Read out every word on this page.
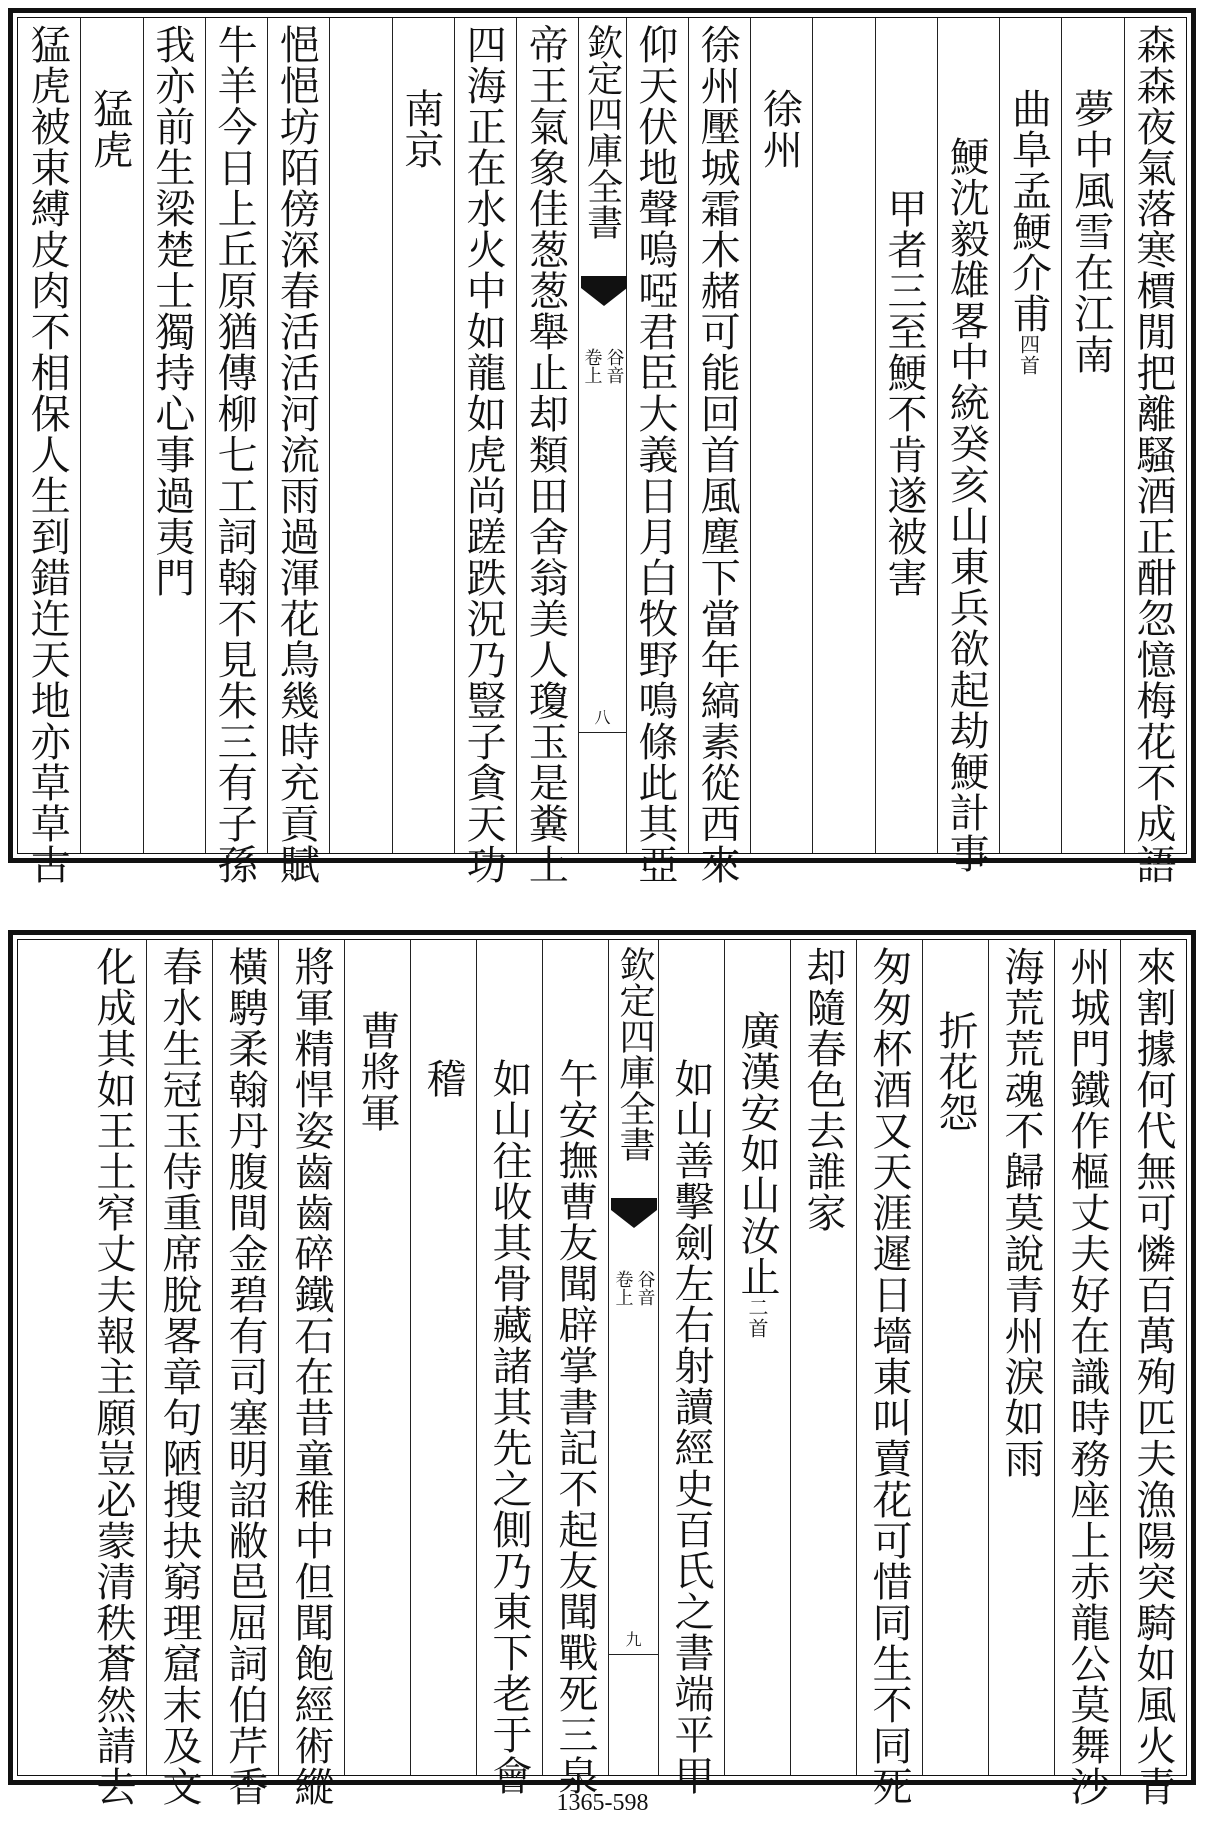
森森夜氣落寒檟閒把離騷酒正酣忽憶梅花不成語
夢中風雪在江南
曲阜孟鯁介甫四首
鯁沈毅雄畧中統癸亥山東兵欲起劫鯁計事
甲者三至鯁不肯遂被害
徐州
徐州壓城霜木赭可能回首風塵下當年縞素從西來
仰天伏地聲嗚啞君臣大義日月白牧野鳴條此其亞
欽定四庫全書
谷音
卷上
八
帝王氣象佳葱葱舉止却類田舍翁美人瓊玉是糞土
四海正在水火中如龍如虎尚蹉跌況乃豎子貪天功
南京
悒悒坊陌傍深春活活河流雨過渾花鳥幾時充貢賦
牛羊今日上丘原猶傳柳七工詞翰不見朱三有子孫
我亦前生梁楚士獨持心事過夷門
猛虎
猛虎被束縛皮肉不相保人生到錯迕天地亦草草古
來割據何代無可憐百萬殉匹夫漁陽突騎如風火青
州城門鐵作樞丈夫好在識時務座上赤龍公莫舞沙
海荒荒魂不歸莫說青州淚如雨
折花怨
匆匆杯酒又天涯遲日墻東叫賣花可惜同生不同死
却隨春色去誰家
廣漢安如山汝止二首
如山善擊劍左右射讀經史百氏之書端平甲
欽定四庫全書
谷音
卷上
九
午安撫曹友聞辟掌書記不起友聞戰死三泉
如山往收其骨藏諸其先之側乃東下老于會
稽
曹將軍
將軍精悍姿齒齒碎鐵石在昔童稚中但聞飽經術縱
橫騁柔翰丹腹間金碧有司塞明詔敝邑屈詞伯芹香
春水生冠玉侍重席脫畧章句陋搜抉窮理窟末及文
化成其如王土窄丈夫報主願豈必蒙清秩蒼然請去	1365-598
